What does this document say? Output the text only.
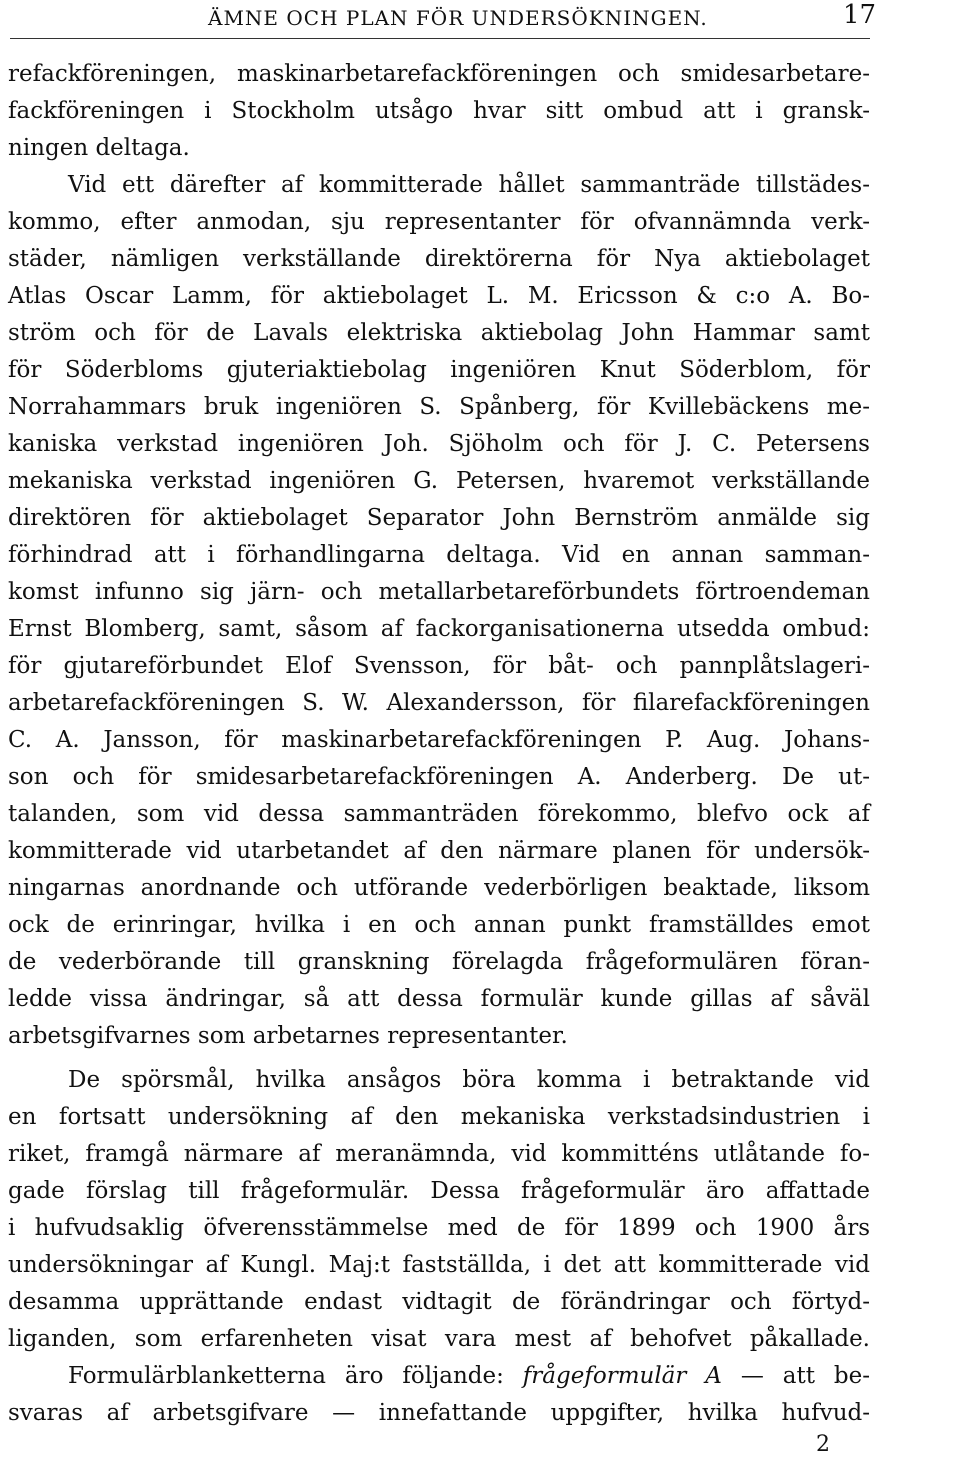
ÄMNE OCH PLAN FÖR UNDERSÖKNINGEN.	17
refackföreningen, maskinarbetarefackföreningen och smidesarbetare-
fackföreningen i Stockholm utsågo hvar sitt ombud att i gransk-
ningen deltaga.
Vid ett därefter af kommitterade hållet sammanträde tillstädes-
kommo, efter anmodan, sju representanter för ofvannämnda verk-
städer, nämligen verkställande direktörerna för Nya aktiebolaget
Atlas Oscar Lamm, för aktiebolaget L. M. Ericsson & c:o A. Bo-
ström och för de Lavals elektriska aktiebolag John Hammar samt
för Söderbloms gjuteriaktiebolag ingeniören Knut Söderblom, för
Norrahammars bruk ingeniören S. Spånberg, för Kvillebäckens me-
kaniska verkstad ingeniören Joh. Sjöholm och för J. C. Petersens
mekaniska verkstad ingeniören G. Petersen, hvaremot verkställande
direktören för aktiebolaget Separator John Bernström anmälde sig
förhindrad att i förhandlingarna deltaga. Vid en annan samman-
komst infunno sig järn- och metallarbetareförbundets förtroendeman
Ernst Blomberg, samt, såsom af fackorganisationerna utsedda ombud:
för gjutareförbundet Elof Svensson, för båt- och pannplåtslageri-
arbetarefackföreningen S. W. Alexandersson, för filarefackföreningen
C. A. Jansson, för maskinarbetarefackföreningen P. Aug. Johans-
son och för smidesarbetarefackföreningen A. Anderberg. De ut-
talanden, som vid dessa sammanträden förekommo, blefvo ock af
kommitterade vid utarbetandet af den närmare planen för undersök-
ningarnas anordnande och utförande vederbörligen beaktade, liksom
ock de erinringar, hvilka i en och annan punkt framställdes emot
de vederbörande till granskning förelagda frågeformulären föran-
ledde vissa ändringar, så att dessa formulär kunde gillas af såväl
arbetsgifvarnes som arbetarnes representanter.
De spörsmål, hvilka ansågos böra komma i betraktande vid
en fortsatt undersökning af den mekaniska verkstadsindustrien i
riket, framgå närmare af meranämnda, vid kommitténs utlåtande fo-
gade förslag till frågeformulär. Dessa frågeformulär äro affattade
i hufvudsaklig öfverensstämmelse med de för 1899 och 1900 års
undersökningar af Kungl. Maj:t fastställda, i det att kommitterade vid
desamma upprättande endast vidtagit de förändringar och förtyd-
liganden, som erfarenheten visat vara mest af behofvet påkallade.
Formulärblanketterna äro följande: frågeformulär A — att be-
svaras af arbetsgifvare — innefattande uppgifter, hvilka hufvud-
2
